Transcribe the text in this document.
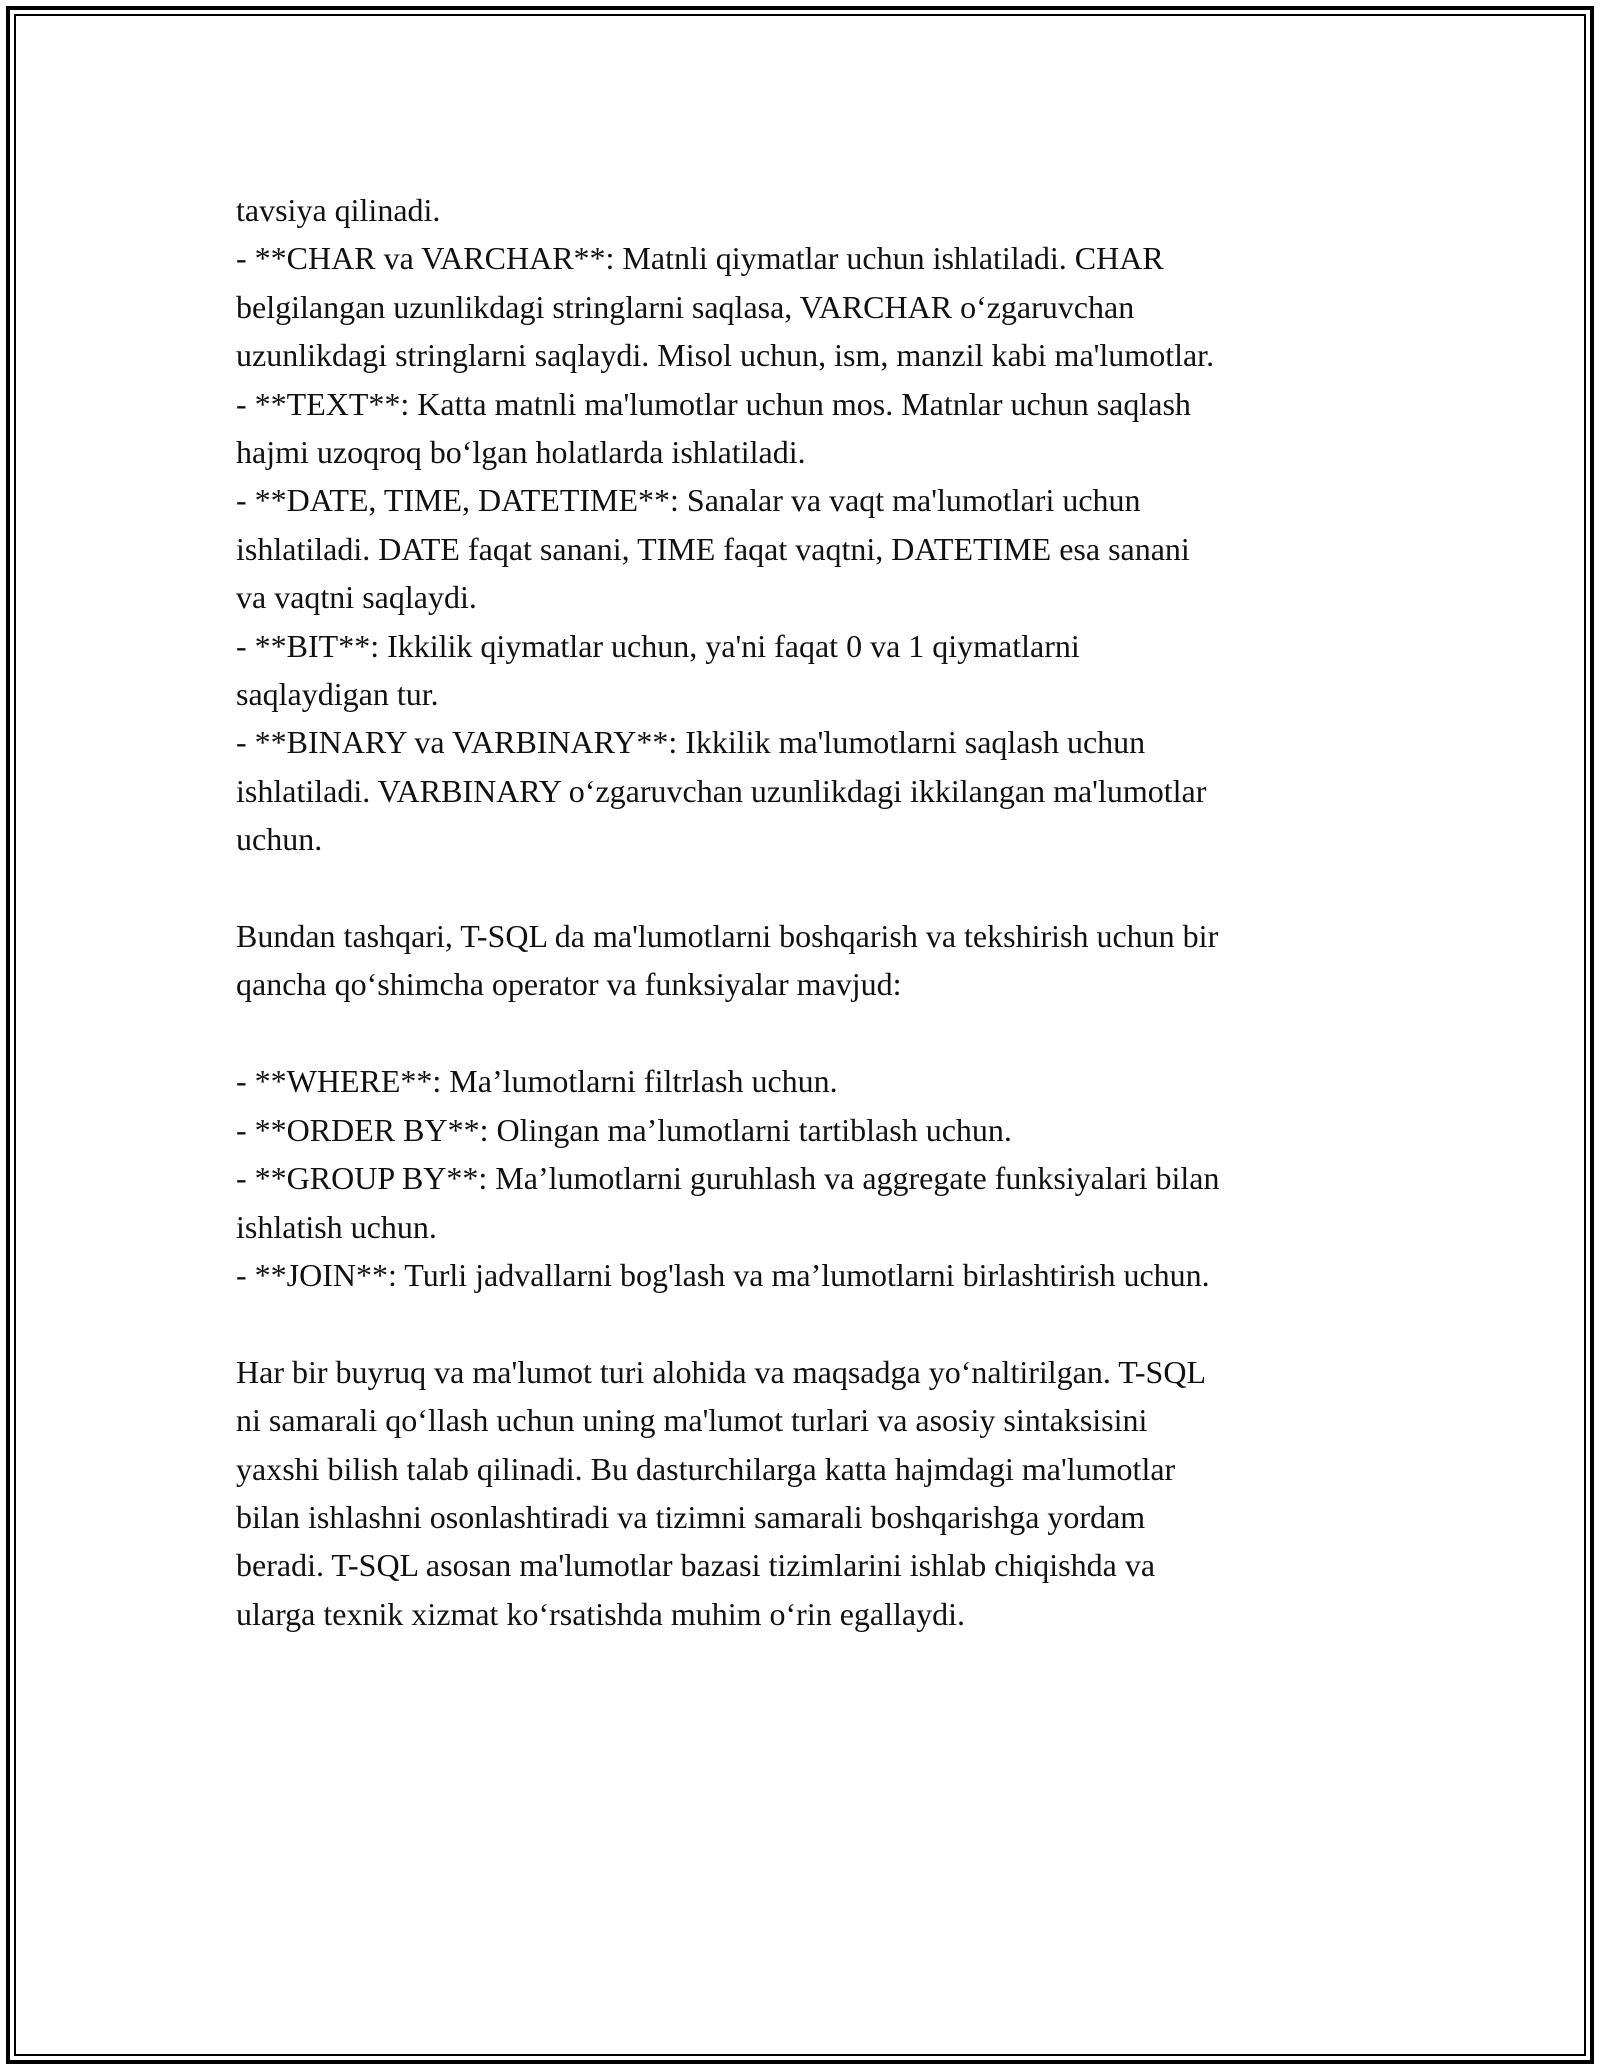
tavsiya qilinadi.
- **CHAR va VARCHAR**: Matnli qiymatlar uchun ishlatiladi. CHAR
belgilangan uzunlikdagi stringlarni saqlasa, VARCHAR o‘zgaruvchan
uzunlikdagi stringlarni saqlaydi. Misol uchun, ism, manzil kabi ma'lumotlar.
- **TEXT**: Katta matnli ma'lumotlar uchun mos. Matnlar uchun saqlash
hajmi uzoqroq bo‘lgan holatlarda ishlatiladi.
- **DATE, TIME, DATETIME**: Sanalar va vaqt ma'lumotlari uchun
ishlatiladi. DATE faqat sanani, TIME faqat vaqtni, DATETIME esa sanani
va vaqtni saqlaydi.
- **BIT**: Ikkilik qiymatlar uchun, ya'ni faqat 0 va 1 qiymatlarni
saqlaydigan tur.
- **BINARY va VARBINARY**: Ikkilik ma'lumotlarni saqlash uchun
ishlatiladi. VARBINARY o‘zgaruvchan uzunlikdagi ikkilangan ma'lumotlar
uchun.

Bundan tashqari, T-SQL da ma'lumotlarni boshqarish va tekshirish uchun bir
qancha qo‘shimcha operator va funksiyalar mavjud:

- **WHERE**: Ma’lumotlarni filtrlash uchun.
- **ORDER BY**: Olingan ma’lumotlarni tartiblash uchun.
- **GROUP BY**: Ma’lumotlarni guruhlash va aggregate funksiyalari bilan
ishlatish uchun.
- **JOIN**: Turli jadvallarni bog'lash va ma’lumotlarni birlashtirish uchun.

Har bir buyruq va ma'lumot turi alohida va maqsadga yo‘naltirilgan. T-SQL
ni samarali qo‘llash uchun uning ma'lumot turlari va asosiy sintaksisini
yaxshi bilish talab qilinadi. Bu dasturchilarga katta hajmdagi ma'lumotlar
bilan ishlashni osonlashtiradi va tizimni samarali boshqarishga yordam
beradi. T-SQL asosan ma'lumotlar bazasi tizimlarini ishlab chiqishda va
ularga texnik xizmat ko‘rsatishda muhim o‘rin egallaydi.
